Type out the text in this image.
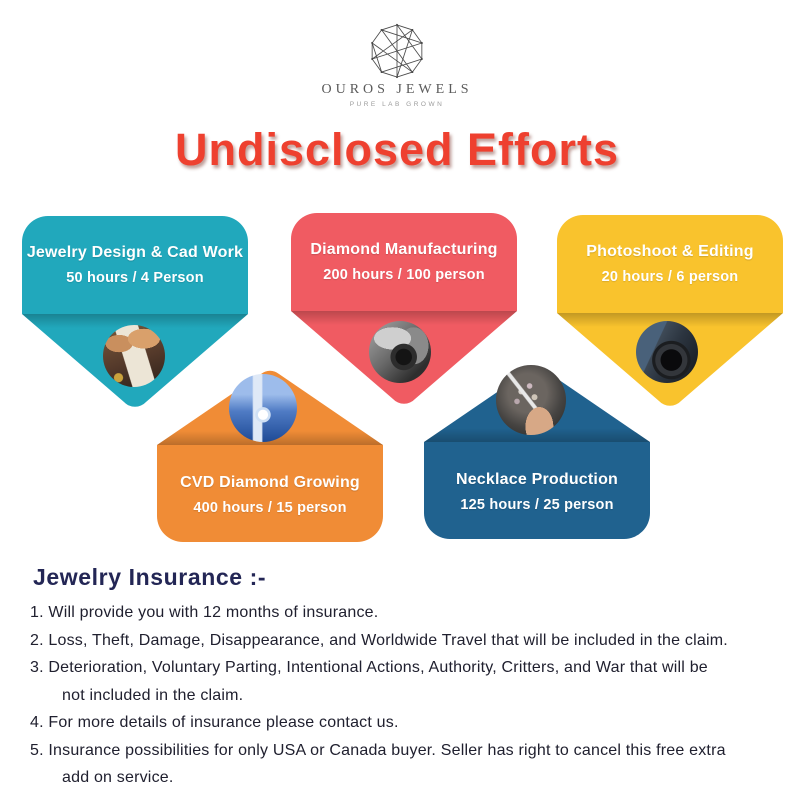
OUROS JEWELS
PURE LAB GROWN
Undisclosed Efforts
Jewelry Design & Cad Work
50 hours / 4 Person
Diamond Manufacturing
200 hours / 100 person
Photoshoot & Editing
20 hours / 6 person
CVD Diamond Growing
400 hours / 15 person
Necklace Production
125 hours / 25 person
Jewelry Insurance :-
1. Will provide you with 12 months of insurance.
2. Loss, Theft, Damage, Disappearance, and Worldwide Travel that will be included in the claim.
3. Deterioration, Voluntary Parting, Intentional Actions, Authority, Critters, and War that will be
not included in the claim.
4. For more details of insurance please contact us.
5. Insurance possibilities for only USA or Canada buyer. Seller has right to cancel this free extra
add on service.
